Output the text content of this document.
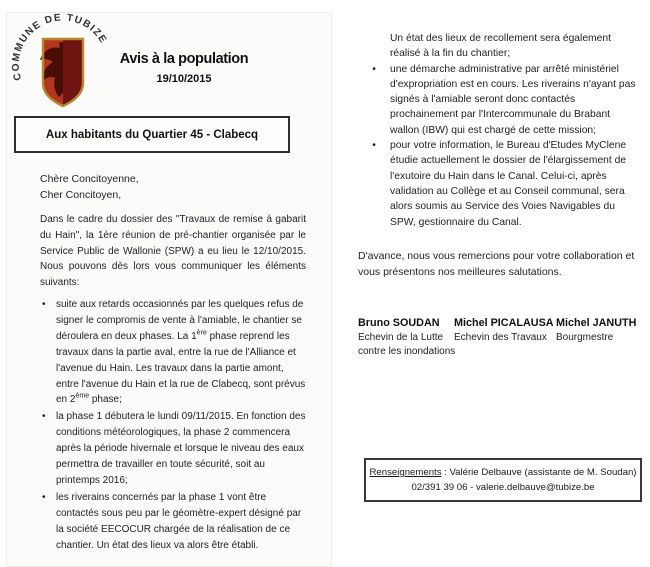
COMMUNE DE TUBIZE
Avis à la population
19/10/2015
Aux habitants du Quartier 45 - Clabecq
Chère Concitoyenne,
Cher Concitoyen,
Dans le cadre du dossier des "Travaux de remise à gabarit du Hain", la 1ère réunion de pré-chantier organisée par le Service Public de Wallonie (SPW) a eu lieu le 12/10/2015. Nous pouvons dès lors vous communiquer les éléments suivants:
•	suite aux retards occasionnés par les quelques refus de signer le compromis de vente à l'amiable, le chantier se déroulera en deux phases. La 1ère phase reprend les travaux dans la partie aval, entre la rue de l'Alliance et l'avenue du Hain. Les travaux dans la partie amont, entre l'avenue du Hain et la rue de Clabecq, sont prévus en 2ème phase;
•	la phase 1 débutera le lundi 09/11/2015. En fonction des conditions météorologiques, la phase 2 commencera après la période hivernale et lorsque le niveau des eaux permettra de travailler en toute sécurité, soit au printemps 2016;
•	les riverains concernés par la phase 1 vont être contactés sous peu par le géomètre-expert désigné par la société EECOCUR chargée de la réalisation de ce chantier. Un état des lieux va alors être établi.
Un état des lieux de recollement sera également réalisé à la fin du chantier;
•	une démarche administrative par arrêté ministériel d'expropriation est en cours. Les riverains n'ayant pas signés à l'amiable seront donc contactés prochainement par l'Intercommunale du Brabant wallon (IBW) qui est chargé de cette mission;
•	pour votre information, le Bureau d'Etudes MyClene étudie actuellement le dossier de l'élargissement de l'exutoire du Hain dans le Canal. Celui-ci, après validation au Collège et au Conseil communal, sera alors soumis au Service des Voies Navigables du SPW, gestionnaire du Canal.
D'avance, nous vous remercions pour votre collaboration et vous présentons nos meilleures salutations.
Bruno SOUDAN
Echevin de la Lutte contre les inondations
Michel PICALAUSA
Echevin des Travaux
Michel JANUTH
Bourgmestre
Renseignements : Valérie Delbauve (assistante de M. Soudan)
02/391 39 06 - valerie.delbauve@tubize.be
